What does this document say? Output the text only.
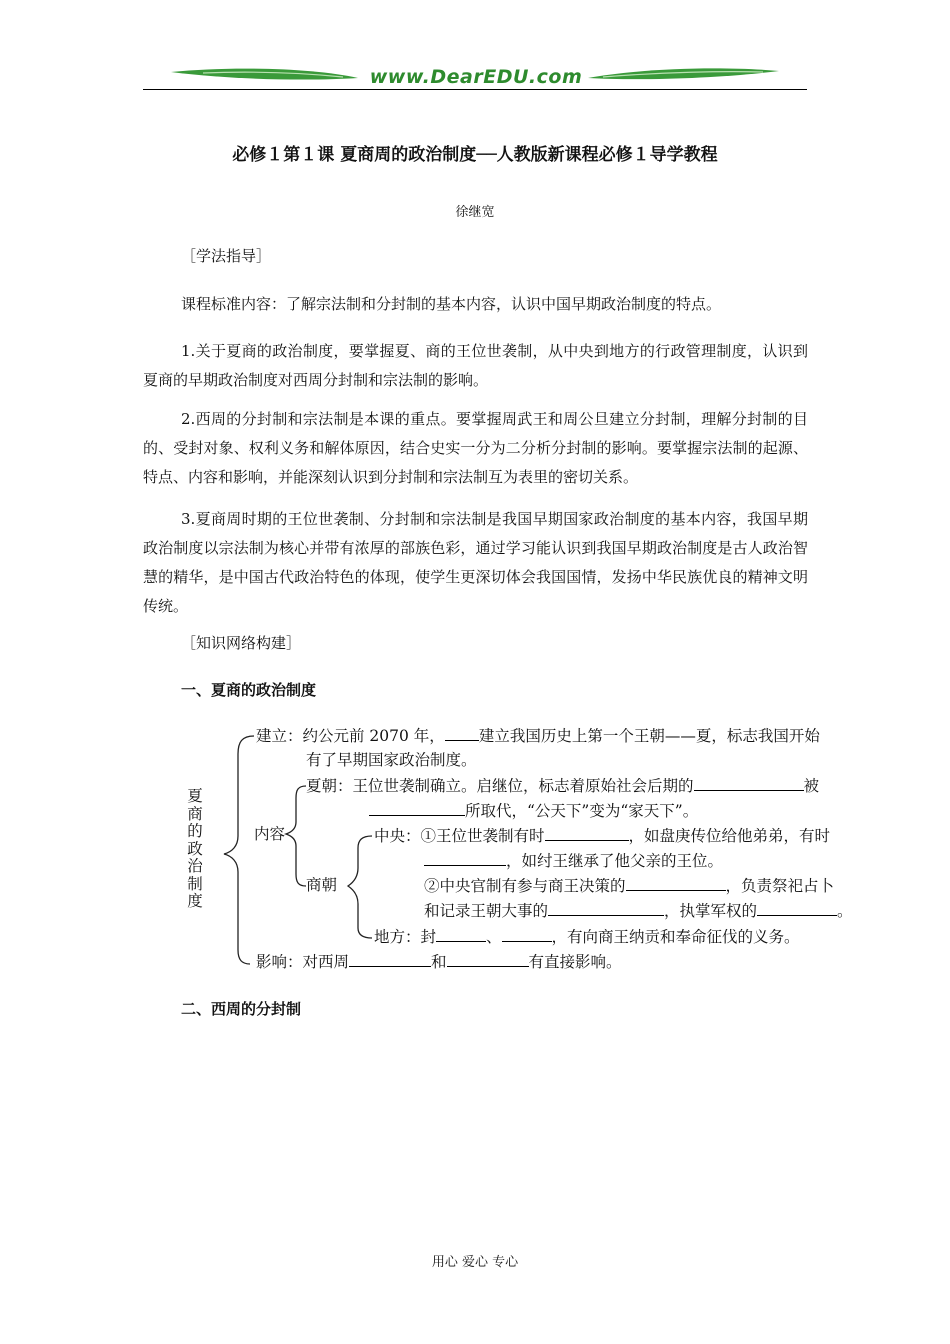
www.DearEDU.com
必修１第１课 夏商周的政治制度──人教版新课程必修１导学教程
徐继宽
［学法指导］
课程标准内容：了解宗法制和分封制的基本内容，认识中国早期政治制度的特点。
1.关于夏商的政治制度，要掌握夏、商的王位世袭制，从中央到地方的行政管理制度，认识到夏商的早期政治制度对西周分封制和宗法制的影响。
2.西周的分封制和宗法制是本课的重点。要掌握周武王和周公旦建立分封制，理解分封制的目的、受封对象、权利义务和解体原因，结合史实一分为二分析分封制的影响。要掌握宗法制的起源、特点、内容和影响，并能深刻认识到分封制和宗法制互为表里的密切关系。
3.夏商周时期的王位世袭制、分封制和宗法制是我国早期国家政治制度的基本内容，我国早期政治制度以宗法制为核心并带有浓厚的部族色彩，通过学习能认识到我国早期政治制度是古人政治智慧的精华，是中国古代政治特色的体现，使学生更深切体会我国国情，发扬中华民族优良的精神文明传统。
［知识网络构建］
一、夏商的政治制度
夏商的政治制度
建立：约公元前 2070 年， 建立我国历史上第一个王朝——夏，标志我国开始
有了早期国家政治制度。
夏朝：王位世袭制确立。启继位，标志着原始社会后期的	被
所取代，“公天下”变为“家天下”。
内容	中央：①王位世袭制有时	，如盘庚传位给他弟弟，有时
，如纣王继承了他父亲的王位。
商朝	②中央官制有参与商王决策的	，负责祭祀占卜
和记录王朝大事的	，执掌军权的	。
地方：封	、	，有向商王纳贡和奉命征伐的义务。
影响：对西周	和	有直接影响。
二、西周的分封制
用心 爱心 专心
